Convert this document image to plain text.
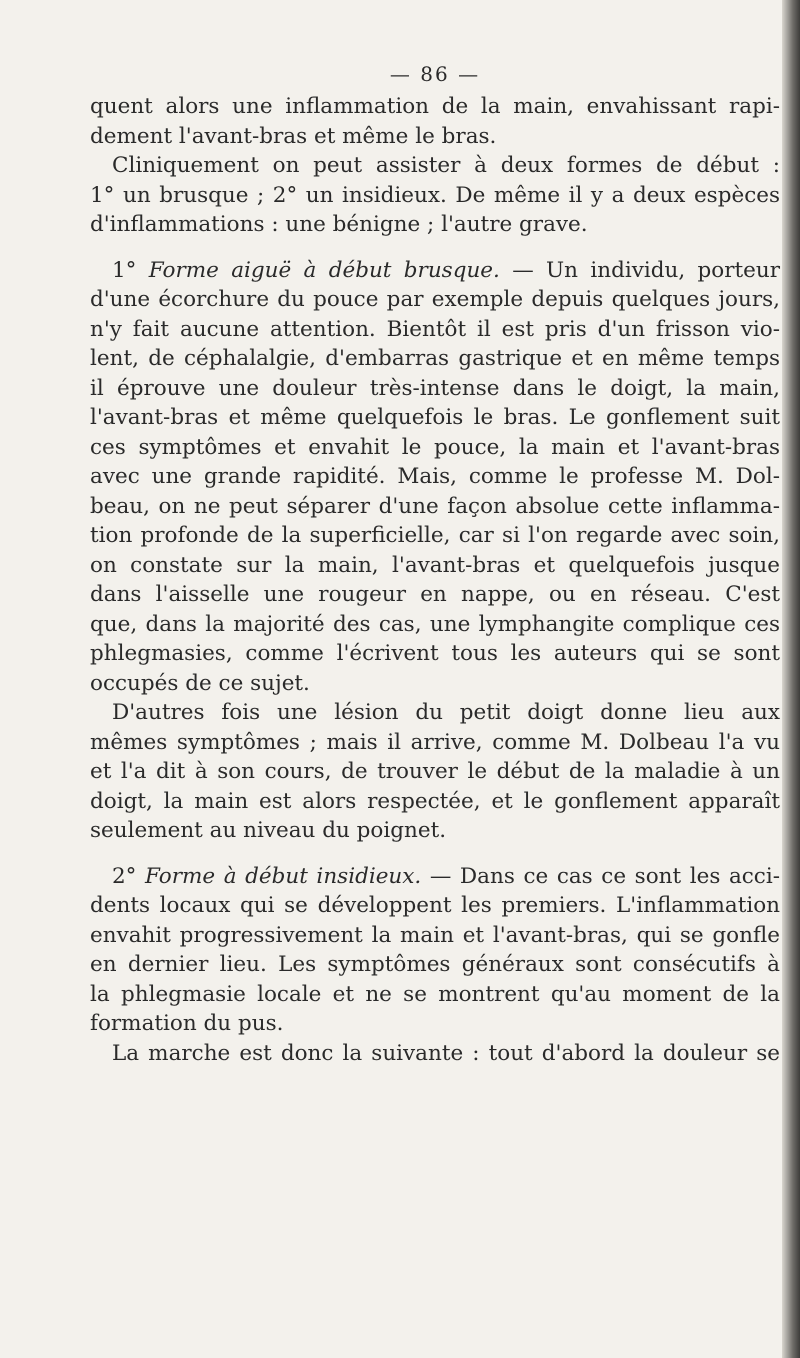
— 86 —
quent alors une inflammation de la main, envahissant rapi-
dement l'avant-bras et même le bras.
Cliniquement on peut assister à deux formes de début :
1° un brusque ; 2° un insidieux. De même il y a deux espèces
d'inflammations : une bénigne ; l'autre grave.
1° Forme aiguë à début brusque. — Un individu, porteur
d'une écorchure du pouce par exemple depuis quelques jours,
n'y fait aucune attention. Bientôt il est pris d'un frisson vio-
lent, de céphalalgie, d'embarras gastrique et en même temps
il éprouve une douleur très-intense dans le doigt, la main,
l'avant-bras et même quelquefois le bras. Le gonflement suit
ces symptômes et envahit le pouce, la main et l'avant-bras
avec une grande rapidité. Mais, comme le professe M. Dol-
beau, on ne peut séparer d'une façon absolue cette inflamma-
tion profonde de la superficielle, car si l'on regarde avec soin,
on constate sur la main, l'avant-bras et quelquefois jusque
dans l'aisselle une rougeur en nappe, ou en réseau. C'est
que, dans la majorité des cas, une lymphangite complique ces
phlegmasies, comme l'écrivent tous les auteurs qui se sont
occupés de ce sujet.
D'autres fois une lésion du petit doigt donne lieu aux
mêmes symptômes ; mais il arrive, comme M. Dolbeau l'a vu
et l'a dit à son cours, de trouver le début de la maladie à un
doigt, la main est alors respectée, et le gonflement apparaît
seulement au niveau du poignet.
2° Forme à début insidieux. — Dans ce cas ce sont les acci-
dents locaux qui se développent les premiers. L'inflammation
envahit progressivement la main et l'avant-bras, qui se gonfle
en dernier lieu. Les symptômes généraux sont consécutifs à
la phlegmasie locale et ne se montrent qu'au moment de la
formation du pus.
La marche est donc la suivante : tout d'abord la douleur se
